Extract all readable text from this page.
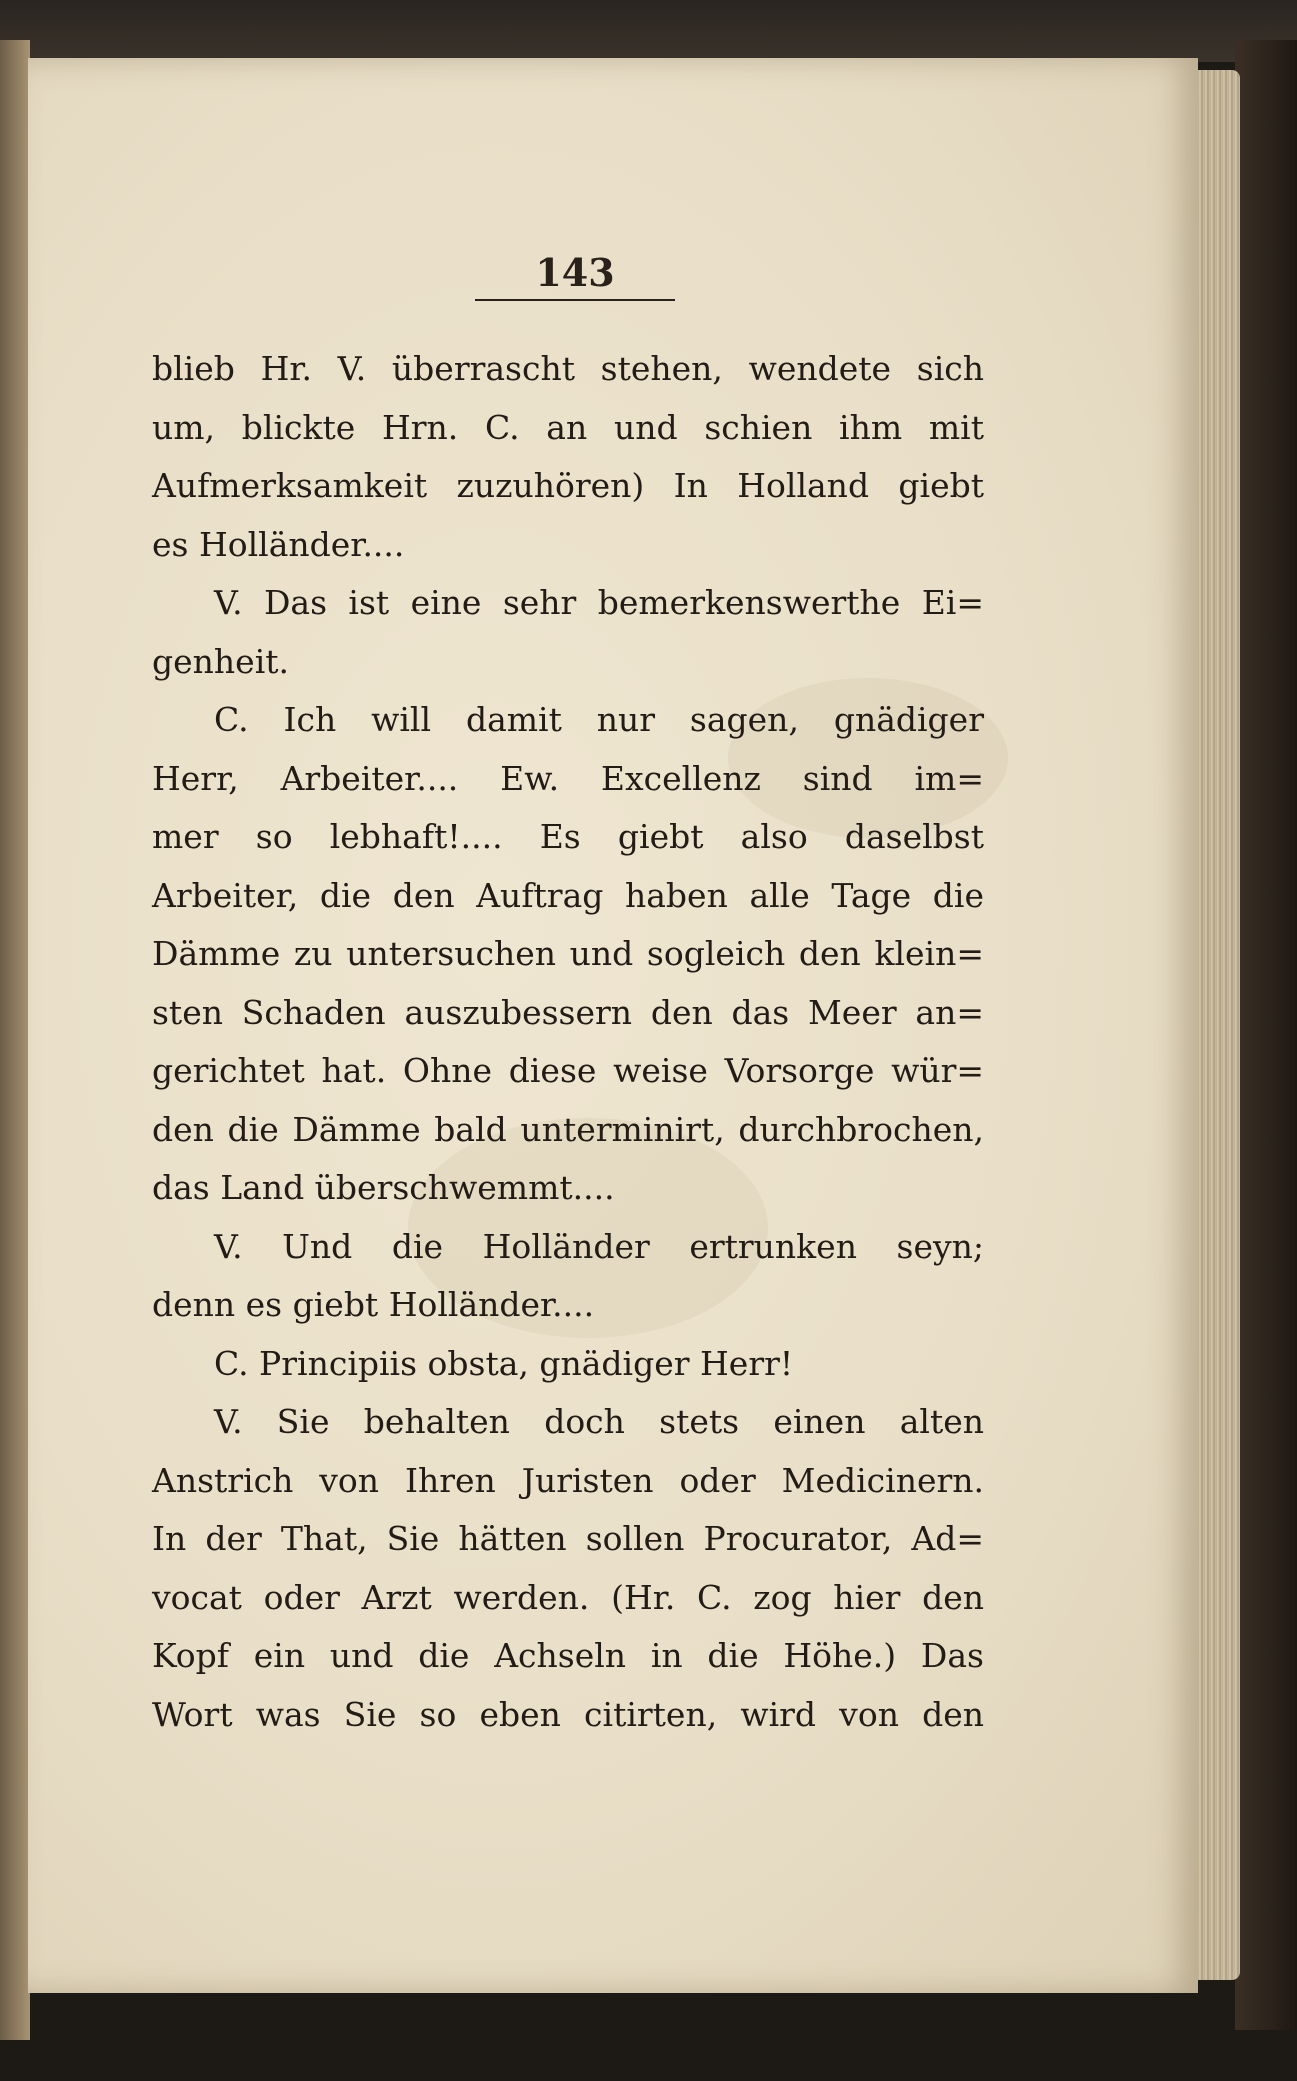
143
blieb Hr. V. überrascht stehen, wendete sich
um, blickte Hrn. C. an und schien ihm mit
Aufmerksamkeit zuzuhören) In Holland giebt
es Holländer....
V. Das ist eine sehr bemerkenswerthe Ei=
genheit.
C. Ich will damit nur sagen, gnädiger
Herr, Arbeiter.... Ew. Excellenz sind im=
mer so lebhaft!.... Es giebt also daselbst
Arbeiter, die den Auftrag haben alle Tage die
Dämme zu untersuchen und sogleich den klein=
sten Schaden auszubessern den das Meer an=
gerichtet hat. Ohne diese weise Vorsorge wür=
den die Dämme bald unterminirt, durchbrochen,
das Land überschwemmt....
V. Und die Holländer ertrunken seyn;
denn es giebt Holländer....
C. Principiis obsta, gnädiger Herr!
V. Sie behalten doch stets einen alten
Anstrich von Ihren Juristen oder Medicinern.
In der That, Sie hätten sollen Procurator, Ad=
vocat oder Arzt werden. (Hr. C. zog hier den
Kopf ein und die Achseln in die Höhe.) Das
Wort was Sie so eben citirten, wird von den
